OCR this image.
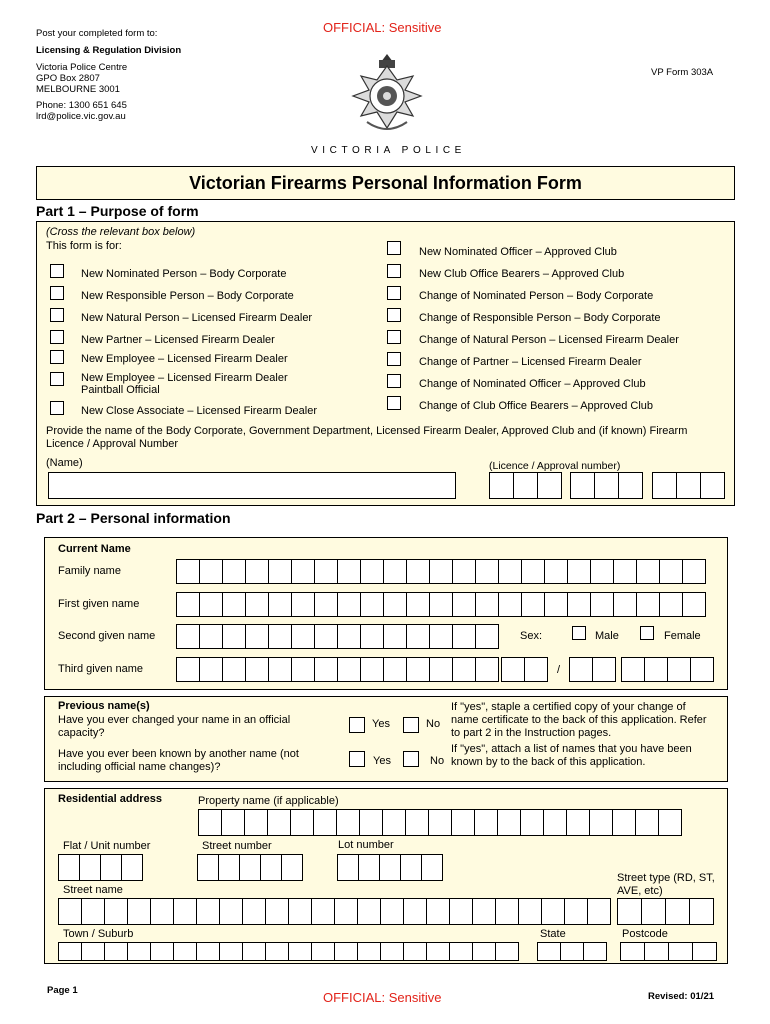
OFFICIAL: Sensitive
Post your completed form to:
Licensing & Regulation Division
Victoria Police Centre
GPO Box 2807
MELBOURNE 3001
Phone: 1300 651 645
lrd@police.vic.gov.au
VP Form 303A
VICTORIA POLICE
Victorian Firearms Personal Information Form
Part 1 – Purpose of form
(Cross the relevant box below)
This form is for:
New Nominated Person – Body Corporate
New Responsible Person – Body Corporate
New Natural Person – Licensed Firearm Dealer
New Partner – Licensed Firearm Dealer
New Employee – Licensed Firearm Dealer
New Employee – Licensed Firearm Dealer
Paintball Official
New Close Associate – Licensed Firearm Dealer
New Nominated Officer – Approved Club
New Club Office Bearers – Approved Club
Change of Nominated Person – Body Corporate
Change of Responsible Person – Body Corporate
Change of Natural Person – Licensed Firearm Dealer
Change of Partner – Licensed Firearm Dealer
Change of Nominated Officer – Approved Club
Change of Club Office Bearers – Approved Club
Provide the name of the Body Corporate, Government Department, Licensed Firearm Dealer, Approved Club and (if known) Firearm Licence / Approval Number
(Name)	(Licence / Approval number)
Part 2 – Personal information
Current Name
Family name
First given name
Second given name
Third given name
Sex:	Male	Female
/
Previous name(s)
Have you ever changed your name in an official capacity?
Have you ever been known by another name (not including official name changes)?
Yes	No
Yes	No
If "yes", staple a certified copy of your change of name certificate to the back of this application. Refer to part 2 in the Instruction pages.
If "yes", attach a list of names that you have been known by to the back of this application.
Residential address	Property name (if applicable)
Flat / Unit number	Street number	Lot number
Street type (RD, ST, AVE, etc)
Street name
Town / Suburb	State	Postcode
Page 1	OFFICIAL: Sensitive	Revised: 01/21
